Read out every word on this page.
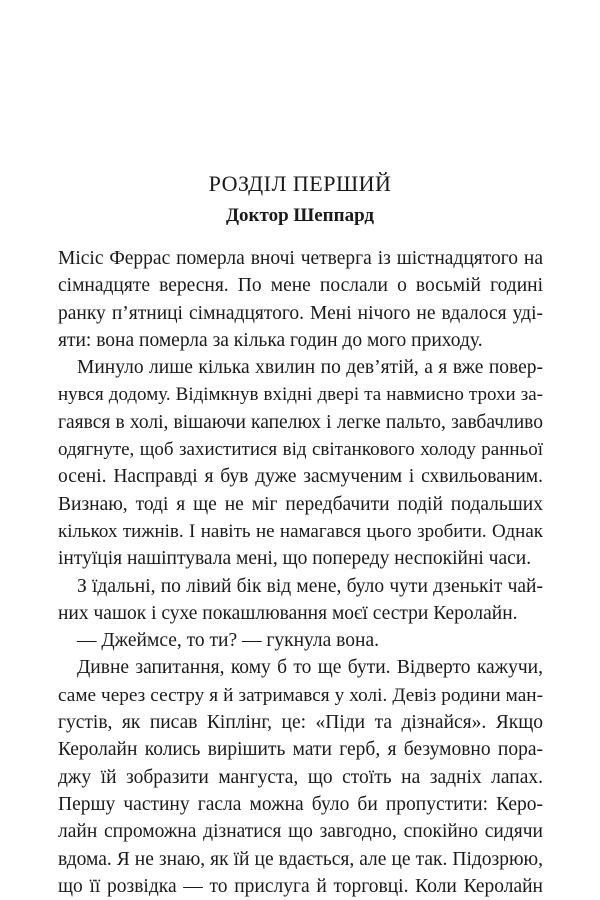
РОЗДІЛ ПЕРШИЙ
Доктор Шеппард
Місіс Феррас померла вночі четверга із шістнадцятого на
сімнадцяте вересня. По мене послали о восьмій годині
ранку п’ятниці сімнадцятого. Мені нічого не вдалося уді-
яти: вона померла за кілька годин до мого приходу.
Минуло лише кілька хвилин по дев’ятій, а я вже повер-
нувся додому. Відімкнув вхідні двері та навмисно трохи за-
гаявся в холі, вішаючи капелюх і легке пальто, завбачливо
одягнуте, щоб захиститися від світанкового холоду ранньої
осені. Насправді я був дуже засмученим і схвильованим.
Визнаю, тоді я ще не міг передбачити подій подальших
кількох тижнів. І навіть не намагався цього зробити. Однак
інтуїція нашіптувала мені, що попереду неспокійні часи.
З їдальні, по лівий бік від мене, було чути дзенькіт чай-
них чашок і сухе покашлювання моєї сестри Керолайн.
— Джеймсе, то ти? — гукнула вона.
Дивне запитання, кому б то ще бути. Відверто кажучи,
саме через сестру я й затримався у холі. Девіз родини ман-
густів, як писав Кіплінг, це: «Піди та дізнайся». Якщо
Керолайн колись вирішить мати герб, я безумовно пора-
джу їй зобразити мангуста, що стоїть на задніх лапах.
Першу частину гасла можна було би пропустити: Керо-
лайн спроможна дізнатися що завгодно, спокійно сидячи
вдома. Я не знаю, як їй це вдається, але це так. Підозрюю,
що її розвідка — то прислуга й торговці. Коли Керолайн
